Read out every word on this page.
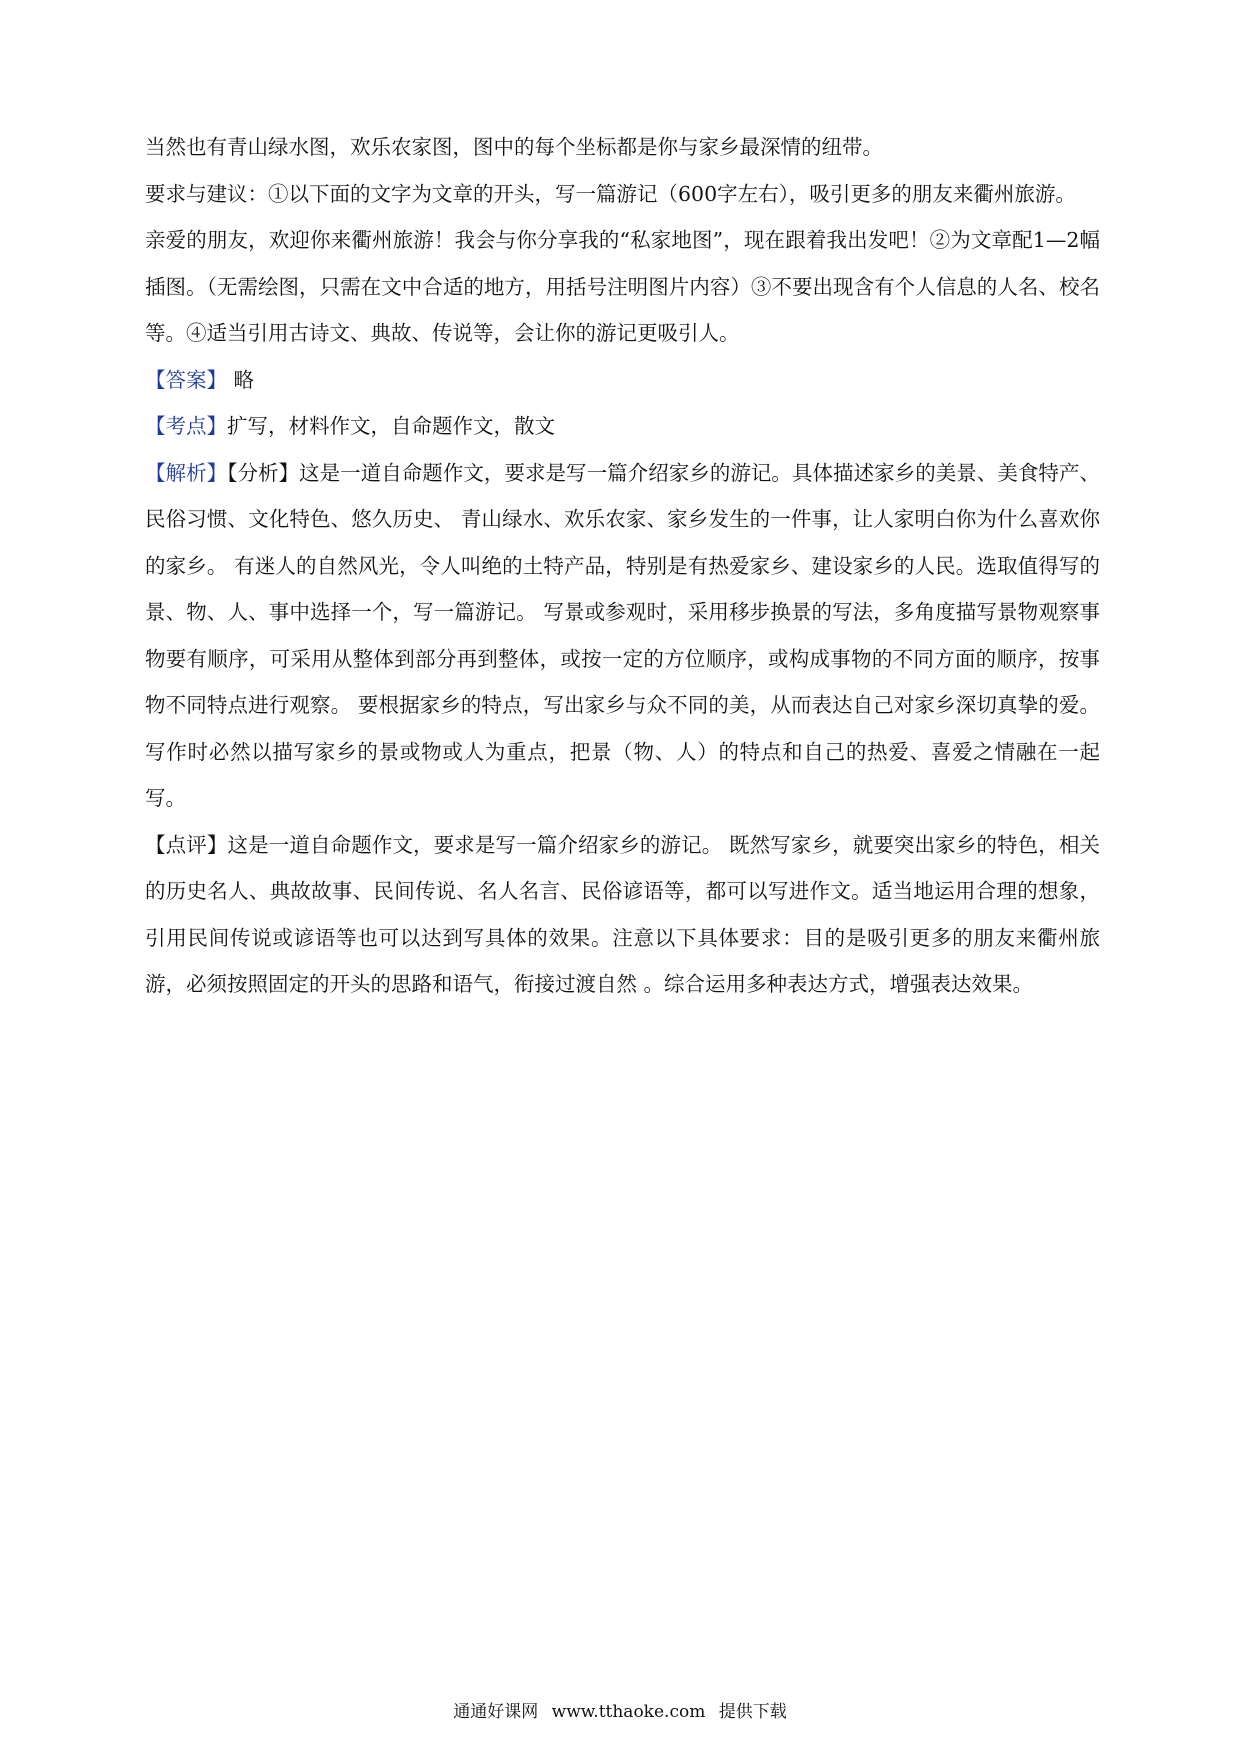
当然也有青山绿水图，欢乐农家图，图中的每个坐标都是你与家乡最深情的纽带。

要求与建议：①以下面的文字为文章的开头，写一篇游记（600字左右），吸引更多的朋友来衢州旅游。

亲爱的朋友，欢迎你来衢州旅游！我会与你分享我的“私家地图”，现在跟着我出发吧！②为文章配1—2幅插图。（无需绘图，只需在文中合适的地方，用括号注明图片内容）③不要出现含有个人信息的人名、校名等。④适当引用古诗文、典故、传说等，会让你的游记更吸引人。

【答案】 略

【考点】扩写，材料作文，自命题作文，散文

【解析】【分析】这是一道自命题作文，要求是写一篇介绍家乡的游记。具体描述家乡的美景、美食特产、民俗习惯、文化特色、悠久历史、 青山绿水、欢乐农家、家乡发生的一件事，让人家明白你为什么喜欢你的家乡。 有迷人的自然风光，令人叫绝的土特产品，特别是有热爱家乡、建设家乡的人民。选取值得写的景、物、人、事中选择一个，写一篇游记。 写景或参观时，采用移步换景的写法，多角度描写景物观察事物要有顺序，可采用从整体到部分再到整体，或按一定的方位顺序，或构成事物的不同方面的顺序，按事物不同特点进行观察。 要根据家乡的特点，写出家乡与众不同的美，从而表达自己对家乡深切真挚的爱。写作时必然以描写家乡的景或物或人为重点，把景（物、人）的特点和自己的热爱、喜爱之情融在一起写。

【点评】这是一道自命题作文，要求是写一篇介绍家乡的游记。 既然写家乡，就要突出家乡的特色，相关的历史名人、典故故事、民间传说、名人名言、民俗谚语等，都可以写进作文。适当地运用合理的想象，引用民间传说或谚语等也可以达到写具体的效果。注意以下具体要求：目的是吸引更多的朋友来衢州旅游，必须按照固定的开头的思路和语气，衔接过渡自然 。综合运用多种表达方式，增强表达效果。

通通好课网 www.tthaoke.com 提供下载
